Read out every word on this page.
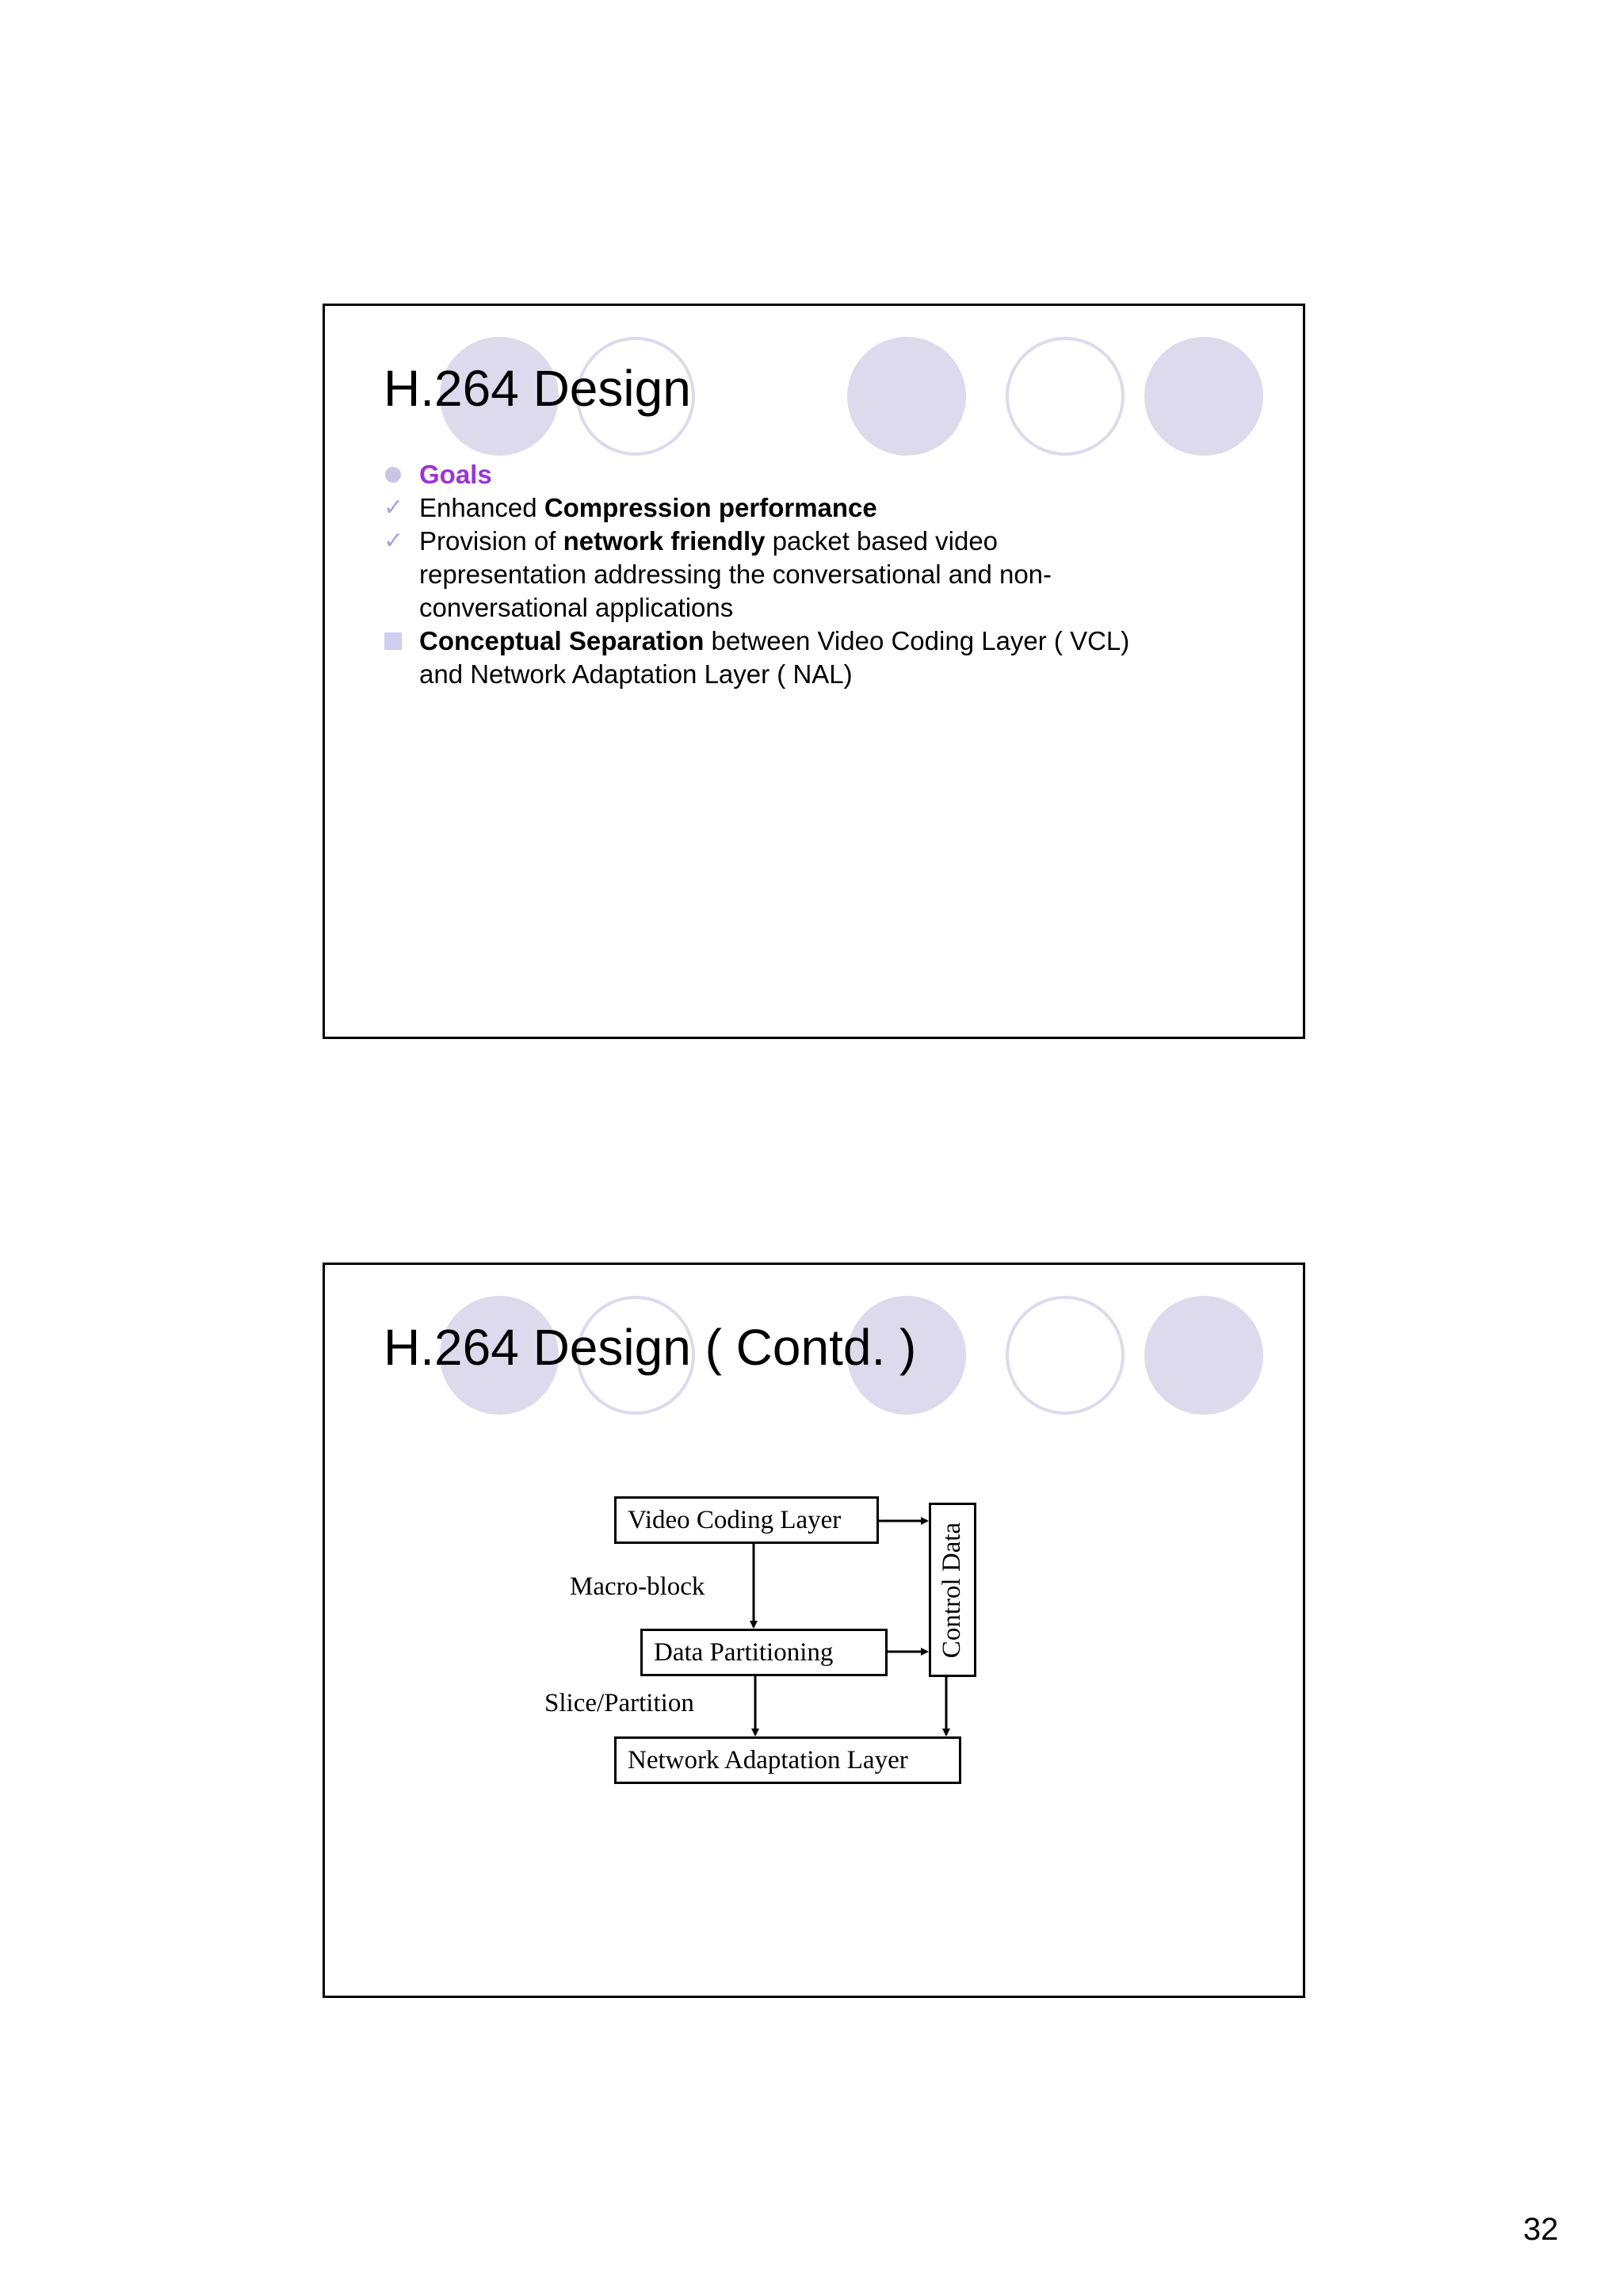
H.264 Design
Goals
✓ Enhanced Compression performance
✓ Provision of network friendly packet based video
representation addressing the conversational and non-
conversational applications
Conceptual Separation between Video Coding Layer ( VCL)
and Network Adaptation Layer ( NAL)
H.264 Design ( Contd. )
Video Coding Layer
Data Partitioning
Network Adaptation Layer
Control Data
Macro-block
Slice/Partition
32
